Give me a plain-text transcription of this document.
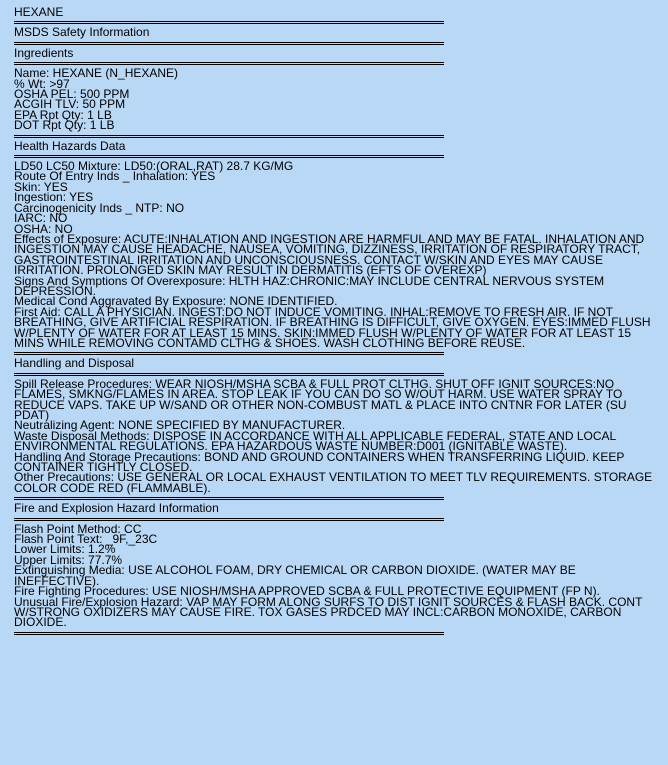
HEXANE
MSDS Safety Information
Ingredients
Name: HEXANE (N_HEXANE)
% Wt: >97
OSHA PEL: 500 PPM
ACGIH TLV: 50 PPM
EPA Rpt Qty: 1 LB
DOT Rpt Qty: 1 LB
Health Hazards Data
LD50 LC50 Mixture: LD50:(ORAL,RAT) 28.7 KG/MG
Route Of Entry Inds _ Inhalation: YES
Skin: YES
Ingestion: YES
Carcinogenicity Inds _ NTP: NO
IARC: NO
OSHA: NO
Effects of Exposure: ACUTE:INHALATION AND INGESTION ARE HARMFUL AND MAY BE FATAL. INHALATION AND INGESTION MAY CAUSE HEADACHE, NAUSEA, VOMITING, DIZZINESS, IRRITATION OF RESPIRATORY TRACT, GASTROINTESTINAL IRRITATION AND UNCONSCIOUSNESS. CONTACT W/SKIN AND EYES MAY CAUSE IRRITATION. PROLONGED SKIN MAY RESULT IN DERMATITIS (EFTS OF OVEREXP)
Signs And Symptions Of Overexposure: HLTH HAZ:CHRONIC:MAY INCLUDE CENTRAL NERVOUS SYSTEM DEPRESSION.
Medical Cond Aggravated By Exposure: NONE IDENTIFIED.
First Aid: CALL A PHYSICIAN. INGEST:DO NOT INDUCE VOMITING. INHAL:REMOVE TO FRESH AIR. IF NOT BREATHING, GIVE ARTIFICIAL RESPIRATION. IF BREATHING IS DIFFICULT, GIVE OXYGEN. EYES:IMMED FLUSH W/PLENTY OF WATER FOR AT LEAST 15 MINS. SKIN:IMMED FLUSH W/PLENTY OF WATER FOR AT LEAST 15 MINS WHILE REMOVING CONTAMD CLTHG & SHOES. WASH CLOTHING BEFORE REUSE.
Handling and Disposal
Spill Release Procedures: WEAR NIOSH/MSHA SCBA & FULL PROT CLTHG. SHUT OFF IGNIT SOURCES:NO FLAMES, SMKNG/FLAMES IN AREA. STOP LEAK IF YOU CAN DO SO W/OUT HARM. USE WATER SPRAY TO REDUCE VAPS. TAKE UP W/SAND OR OTHER NON-COMBUST MATL & PLACE INTO CNTNR FOR LATER (SU PDAT)
Neutralizing Agent: NONE SPECIFIED BY MANUFACTURER.
Waste Disposal Methods: DISPOSE IN ACCORDANCE WITH ALL APPLICABLE FEDERAL, STATE AND LOCAL ENVIRONMENTAL REGULATIONS. EPA HAZARDOUS WASTE NUMBER:D001 (IGNITABLE WASTE).
Handling And Storage Precautions: BOND AND GROUND CONTAINERS WHEN TRANSFERRING LIQUID. KEEP CONTAINER TIGHTLY CLOSED.
Other Precautions: USE GENERAL OR LOCAL EXHAUST VENTILATION TO MEET TLV REQUIREMENTS. STORAGE COLOR CODE RED (FLAMMABLE).
Fire and Explosion Hazard Information
Flash Point Method: CC
Flash Point Text: _9F,_23C
Lower Limits: 1.2%
Upper Limits: 77.7%
Extinguishing Media: USE ALCOHOL FOAM, DRY CHEMICAL OR CARBON DIOXIDE. (WATER MAY BE INEFFECTIVE).
Fire Fighting Procedures: USE NIOSH/MSHA APPROVED SCBA & FULL PROTECTIVE EQUIPMENT (FP N).
Unusual Fire/Explosion Hazard: VAP MAY FORM ALONG SURFS TO DIST IGNIT SOURCES & FLASH BACK. CONT W/STRONG OXIDIZERS MAY CAUSE FIRE. TOX GASES PRDCED MAY INCL:CARBON MONOXIDE, CARBON DIOXIDE.
